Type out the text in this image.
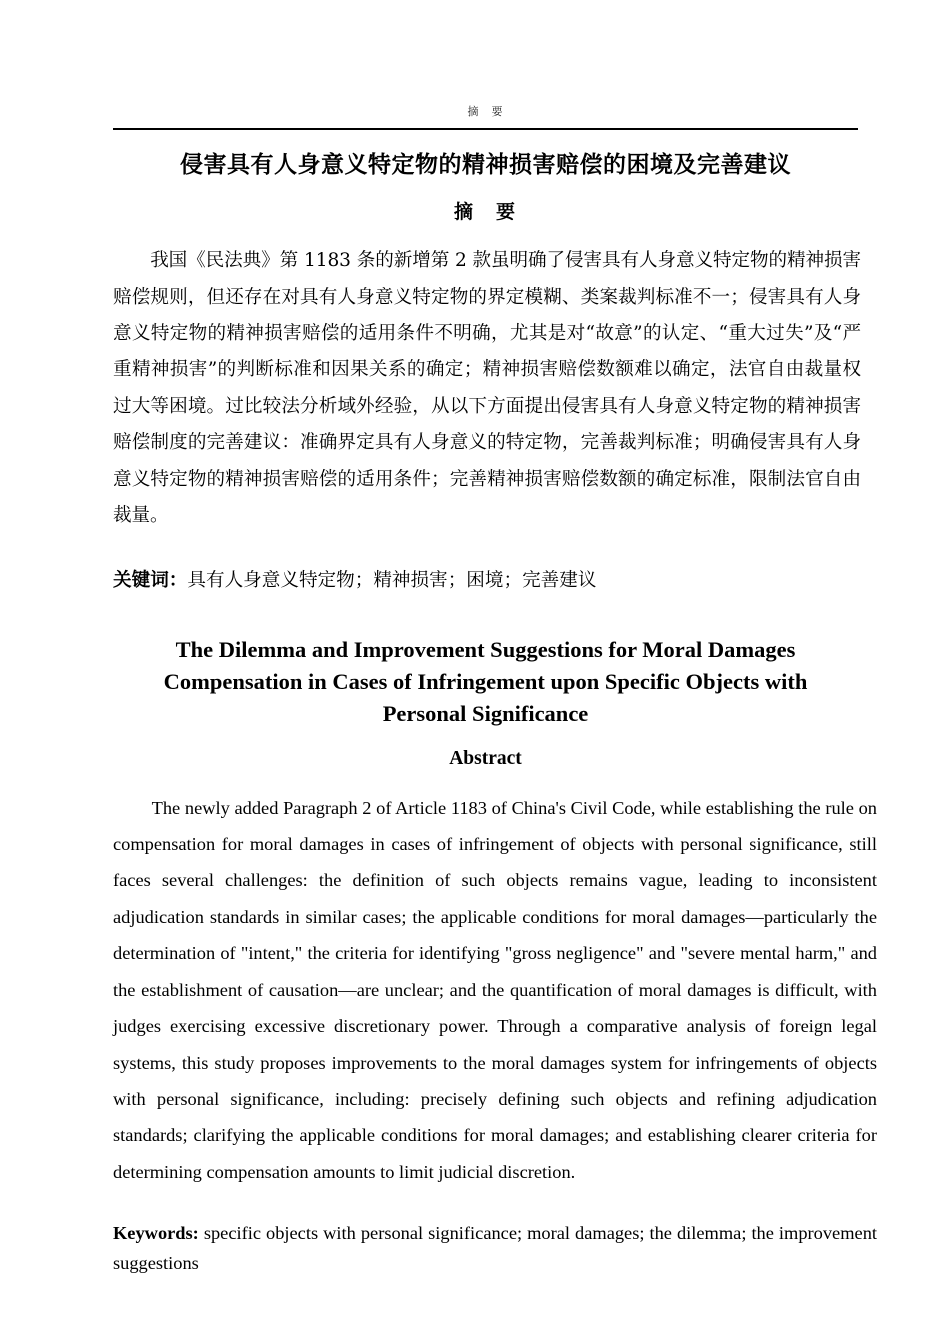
摘　要
侵害具有人身意义特定物的精神损害赔偿的困境及完善建议
摘　要

我国《民法典》第 1183 条的新增第 2 款虽明确了侵害具有人身意义特定物的精神损害赔偿规则，但还存在对具有人身意义特定物的界定模糊、类案裁判标准不一；侵害具有人身意义特定物的精神损害赔偿的适用条件不明确，尤其是对“故意”的认定、“重大过失”及“严重精神损害”的判断标准和因果关系的确定；精神损害赔偿数额难以确定，法官自由裁量权过大等困境。过比较法分析域外经验，从以下方面提出侵害具有人身意义特定物的精神损害赔偿制度的完善建议：准确界定具有人身意义的特定物，完善裁判标准；明确侵害具有人身意义特定物的精神损害赔偿的适用条件；完善精神损害赔偿数额的确定标准，限制法官自由裁量。

关键词：具有人身意义特定物；精神损害；困境；完善建议

The Dilemma and Improvement Suggestions for Moral Damages
Compensation in Cases of Infringement upon Specific Objects with
Personal Significance
Abstract

The newly added Paragraph 2 of Article 1183 of China's Civil Code, while establishing the rule on compensation for moral damages in cases of infringement of objects with personal significance, still faces several challenges: the definition of such objects remains vague, leading to inconsistent adjudication standards in similar cases; the applicable conditions for moral damages—particularly the determination of "intent," the criteria for identifying "gross negligence" and "severe mental harm," and the establishment of causation—are unclear; and the quantification of moral damages is difficult, with judges exercising excessive discretionary power. Through a comparative analysis of foreign legal systems, this study proposes improvements to the moral damages system for infringements of objects with personal significance, including: precisely defining such objects and refining adjudication standards; clarifying the applicable conditions for moral damages; and establishing clearer criteria for determining compensation amounts to limit judicial discretion.

Keywords: specific objects with personal significance; moral damages; the dilemma; the improvement suggestions
